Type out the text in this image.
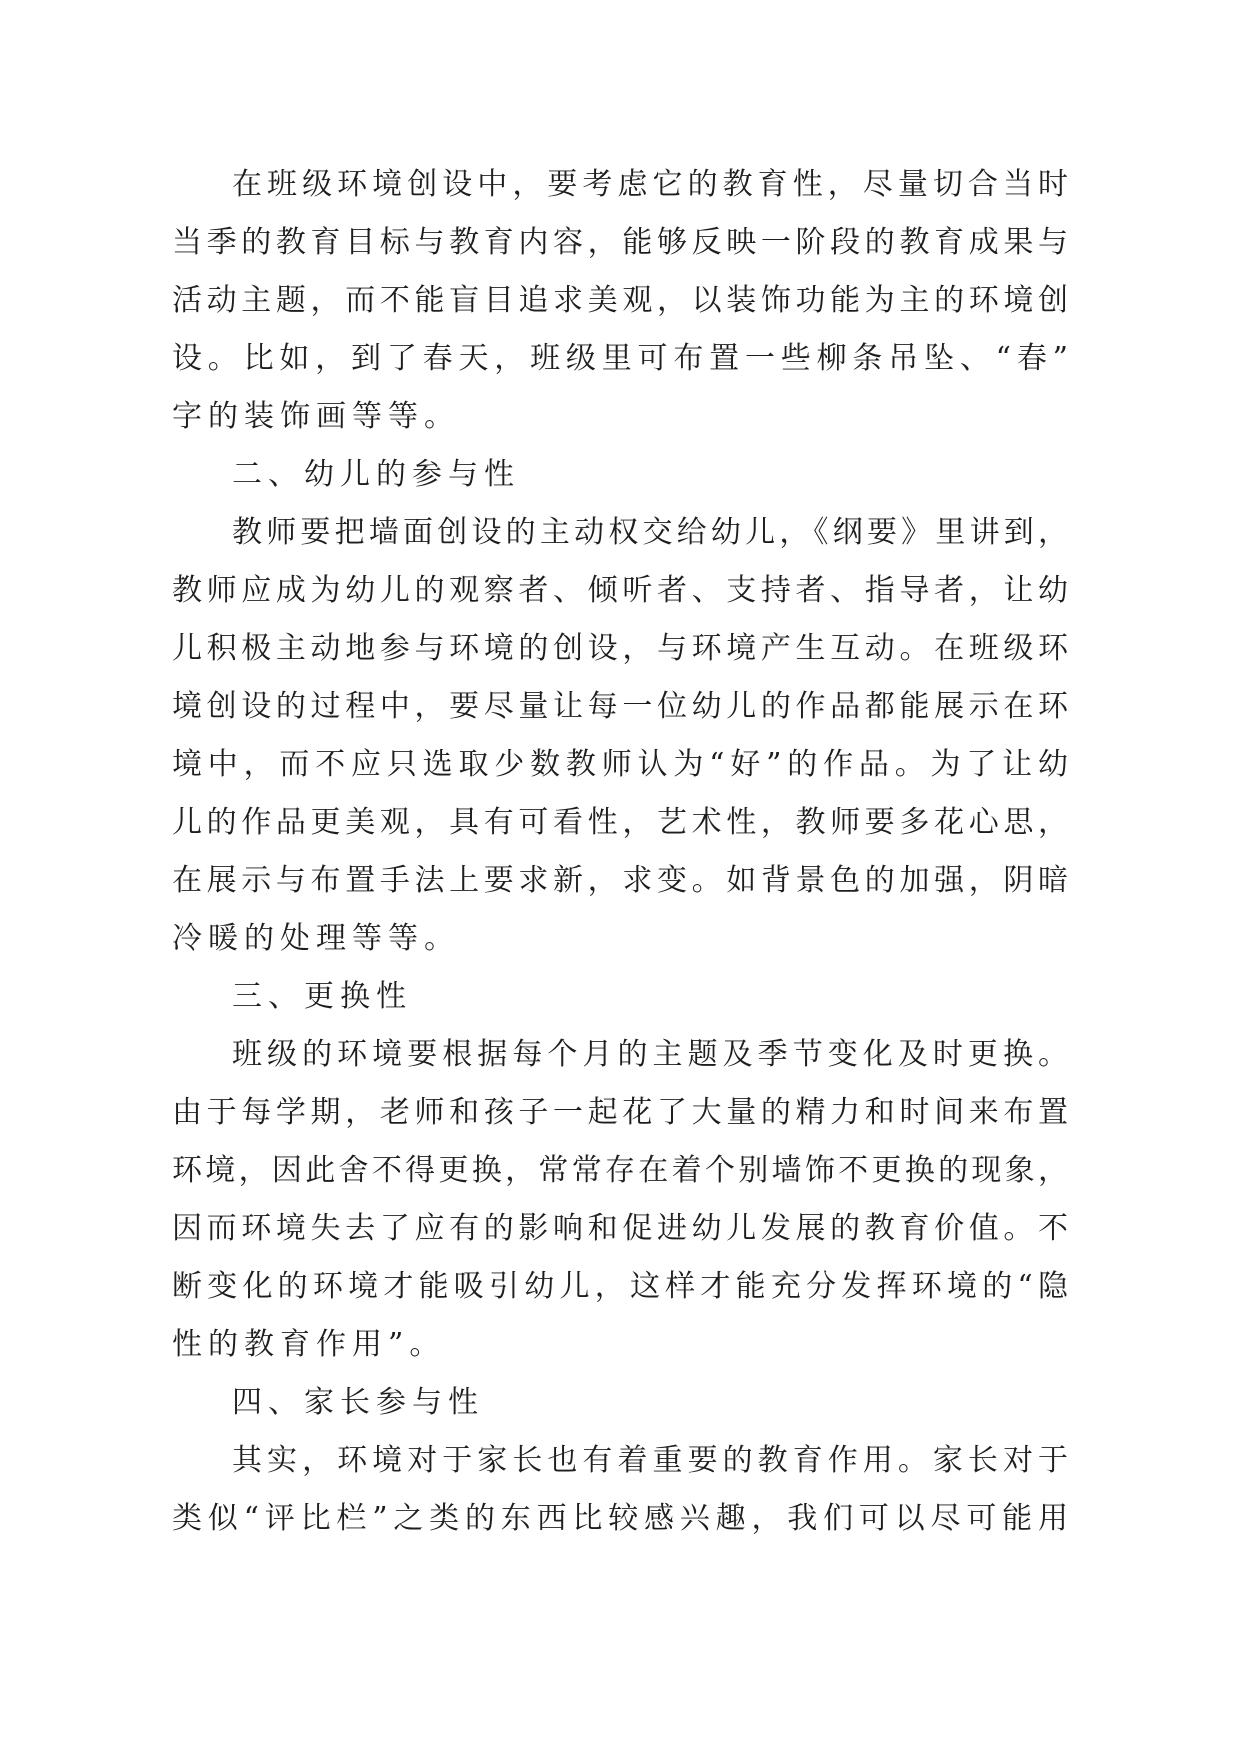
在班级环境创设中，要考虑它的教育性，尽量切合当时
当季的教育目标与教育内容，能够反映一阶段的教育成果与
活动主题，而不能盲目追求美观，以装饰功能为主的环境创
设。比如，到了春天，班级里可布置一些柳条吊坠、“春”
字的装饰画等等。
二、幼儿的参与性
教师要把墙面创设的主动权交给幼儿，《纲要》里讲到，
教师应成为幼儿的观察者、倾听者、支持者、指导者，让幼
儿积极主动地参与环境的创设，与环境产生互动。在班级环
境创设的过程中，要尽量让每一位幼儿的作品都能展示在环
境中，而不应只选取少数教师认为“好”的作品。为了让幼
儿的作品更美观，具有可看性，艺术性，教师要多花心思，
在展示与布置手法上要求新，求变。如背景色的加强，阴暗
冷暖的处理等等。
三、更换性
班级的环境要根据每个月的主题及季节变化及时更换。
由于每学期，老师和孩子一起花了大量的精力和时间来布置
环境，因此舍不得更换，常常存在着个别墙饰不更换的现象，
因而环境失去了应有的影响和促进幼儿发展的教育价值。不
断变化的环境才能吸引幼儿，这样才能充分发挥环境的“隐
性的教育作用”。
四、家长参与性
其实，环境对于家长也有着重要的教育作用。家长对于
类似“评比栏”之类的东西比较感兴趣，我们可以尽可能用
